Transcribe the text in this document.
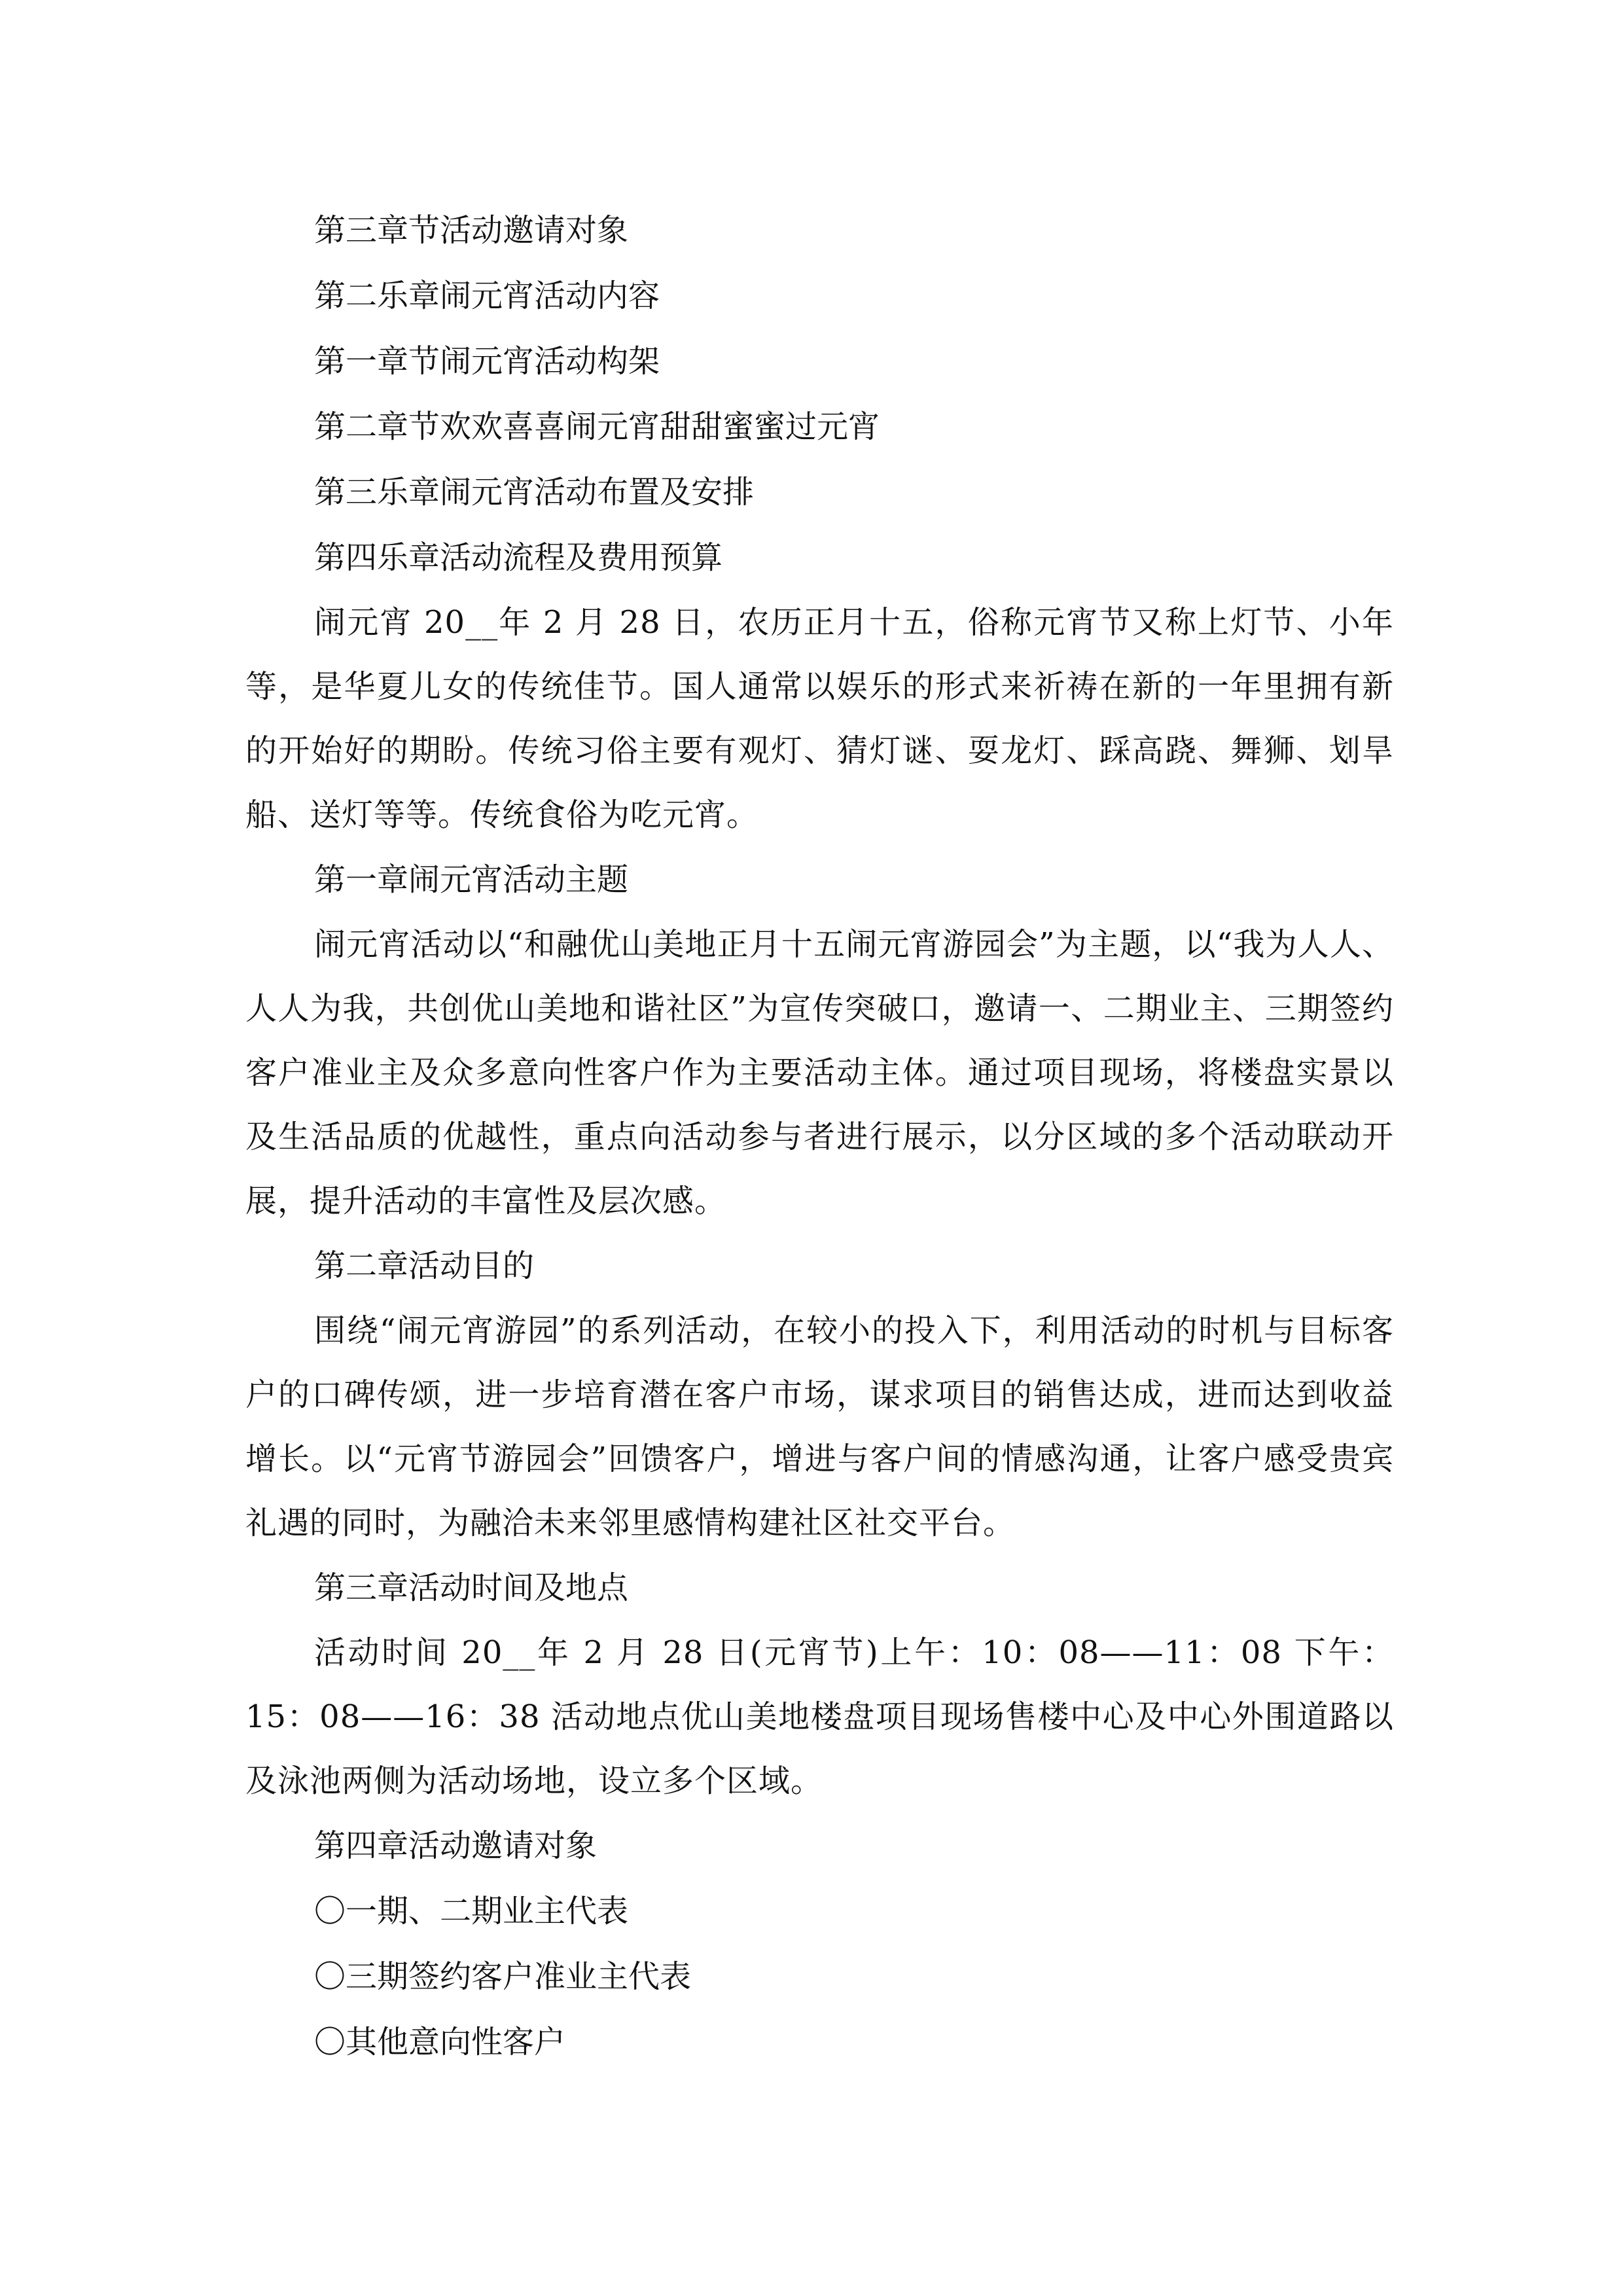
第三章节活动邀请对象

第二乐章闹元宵活动内容

第一章节闹元宵活动构架

第二章节欢欢喜喜闹元宵甜甜蜜蜜过元宵

第三乐章闹元宵活动布置及安排

第四乐章活动流程及费用预算

闹元宵 20__年 2 月 28 日，农历正月十五，俗称元宵节又称上灯节、小年等，是华夏儿女的传统佳节。国人通常以娱乐的形式来祈祷在新的一年里拥有新的开始好的期盼。传统习俗主要有观灯、猜灯谜、耍龙灯、踩高跷、舞狮、划旱船、送灯等等。传统食俗为吃元宵。

第一章闹元宵活动主题

闹元宵活动以“和融优山美地正月十五闹元宵游园会”为主题，以“我为人人、人人为我，共创优山美地和谐社区”为宣传突破口，邀请一、二期业主、三期签约客户准业主及众多意向性客户作为主要活动主体。通过项目现场，将楼盘实景以及生活品质的优越性，重点向活动参与者进行展示，以分区域的多个活动联动开展，提升活动的丰富性及层次感。

第二章活动目的

围绕“闹元宵游园”的系列活动，在较小的投入下，利用活动的时机与目标客户的口碑传颂，进一步培育潜在客户市场，谋求项目的销售达成，进而达到收益增长。以“元宵节游园会”回馈客户，增进与客户间的情感沟通，让客户感受贵宾礼遇的同时，为融洽未来邻里感情构建社区社交平台。

第三章活动时间及地点

活动时间 20__年 2 月 28 日(元宵节)上午：10：08——11：08 下午：15：08——16：38 活动地点优山美地楼盘项目现场售楼中心及中心外围道路以及泳池两侧为活动场地，设立多个区域。

第四章活动邀请对象

〇一期、二期业主代表

〇三期签约客户准业主代表

〇其他意向性客户
